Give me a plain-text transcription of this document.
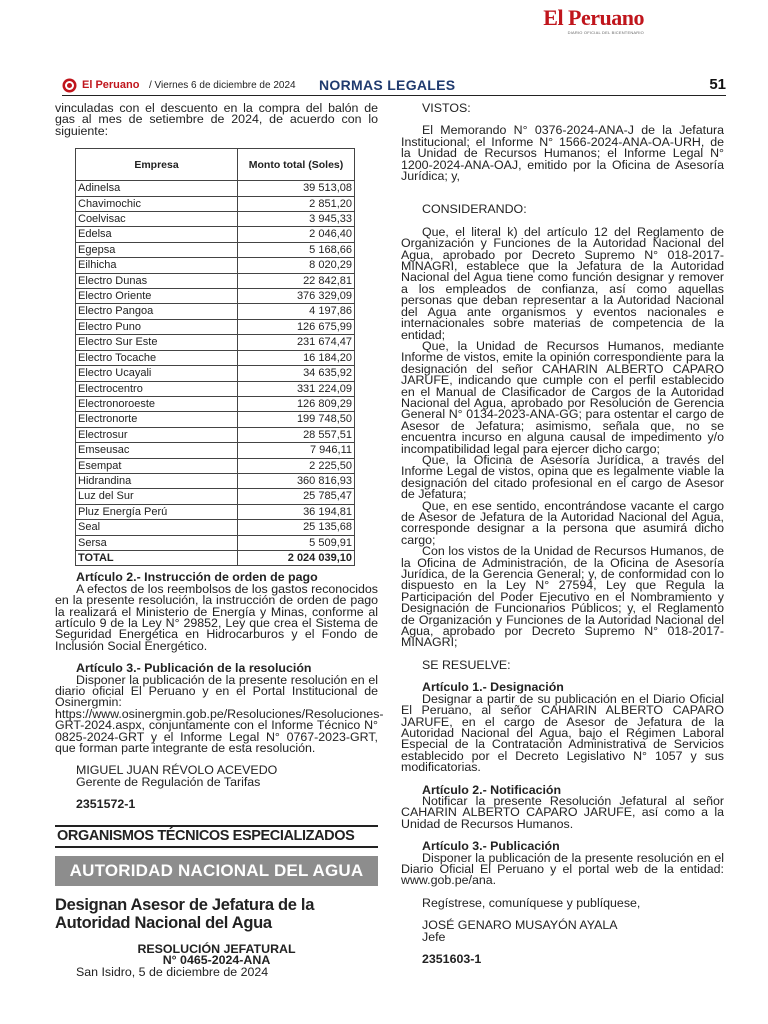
El Peruano
DIARIO OFICIAL DEL BICENTENARIO
El Peruano / Viernes 6 de diciembre de 2024 NORMAS LEGALES	51

vinculadas con el descuento en la compra del balón de gas al mes de setiembre de 2024, de acuerdo con lo siguiente:

Empresa	Monto total (Soles)
Adinelsa	39 513,08
Chavimochic	2 851,20
Coelvisac	3 945,33
Edelsa	2 046,40
Egepsa	5 168,66
Eilhicha	8 020,29
Electro Dunas	22 842,81
Electro Oriente	376 329,09
Electro Pangoa	4 197,86
Electro Puno	126 675,99
Electro Sur Este	231 674,47
Electro Tocache	16 184,20
Electro Ucayali	34 635,92
Electrocentro	331 224,09
Electronoroeste	126 809,29
Electronorte	199 748,50
Electrosur	28 557,51
Emseusac	7 946,11
Esempat	2 225,50
Hidrandina	360 816,93
Luz del Sur	25 785,47
Pluz Energía Perú	36 194,81
Seal	25 135,68
Sersa	5 509,91
TOTAL	2 024 039,10

Artículo 2.- Instrucción de orden de pago

A efectos de los reembolsos de los gastos reconocidos en la presente resolución, la instrucción de orden de pago la realizará el Ministerio de Energía y Minas, conforme al artículo 9 de la Ley N° 29852, Ley que crea el Sistema de Seguridad Energética en Hidrocarburos y el Fondo de Inclusión Social Energético.

Artículo 3.- Publicación de la resolución

Disponer la publicación de la presente resolución en el diario oficial El Peruano y en el Portal Institucional de Osinergmin: https://www.osinergmin.gob.pe/Resoluciones/Resoluciones-GRT-2024.aspx, conjuntamente con el Informe Técnico N° 0825-2024-GRT y el Informe Legal N° 0767-2023-GRT, que forman parte integrante de esta resolución.

MIGUEL JUAN RÉVOLO ACEVEDO

Gerente de Regulación de Tarifas

2351572-1

ORGANISMOS TÉCNICOS ESPECIALIZADOS
AUTORIDAD NACIONAL DEL AGUA
Designan Asesor de Jefatura de la Autoridad Nacional del Agua
RESOLUCIÓN JEFATURAL
N° 0465-2024-ANA

San Isidro, 5 de diciembre de 2024

VISTOS:

El Memorando N° 0376-2024-ANA-J de la Jefatura Institucional; el Informe N° 1566-2024-ANA-OA-URH, de la Unidad de Recursos Humanos; el Informe Legal N° 1200-2024-ANA-OAJ, emitido por la Oficina de Asesoría Jurídica; y,

CONSIDERANDO:

Que, el literal k) del artículo 12 del Reglamento de Organización y Funciones de la Autoridad Nacional del Agua, aprobado por Decreto Supremo N° 018-2017-MINAGRI, establece que la Jefatura de la Autoridad Nacional del Agua tiene como función designar y remover a los empleados de confianza, así como aquellas personas que deban representar a la Autoridad Nacional del Agua ante organismos y eventos nacionales e internacionales sobre materias de competencia de la entidad;

Que, la Unidad de Recursos Humanos, mediante Informe de vistos, emite la opinión correspondiente para la designación del señor CAHARIN ALBERTO CAPARO JARUFE, indicando que cumple con el perfil establecido en el Manual de Clasificador de Cargos de la Autoridad Nacional del Agua, aprobado por Resolución de Gerencia General N° 0134-2023-ANA-GG; para ostentar el cargo de Asesor de Jefatura; asimismo, señala que, no se encuentra incurso en alguna causal de impedimento y/o incompatibilidad legal para ejercer dicho cargo;

Que, la Oficina de Asesoría Jurídica, a través del Informe Legal de vistos, opina que es legalmente viable la designación del citado profesional en el cargo de Asesor de Jefatura;

Que, en ese sentido, encontrándose vacante el cargo de Asesor de Jefatura de la Autoridad Nacional del Agua, corresponde designar a la persona que asumirá dicho cargo;

Con los vistos de la Unidad de Recursos Humanos, de la Oficina de Administración, de la Oficina de Asesoría Jurídica, de la Gerencia General; y, de conformidad con lo dispuesto en la Ley N° 27594, Ley que Regula la Participación del Poder Ejecutivo en el Nombramiento y Designación de Funcionarios Públicos; y, el Reglamento de Organización y Funciones de la Autoridad Nacional del Agua, aprobado por Decreto Supremo N° 018-2017-MINAGRI;

SE RESUELVE:

Artículo 1.- Designación

Designar a partir de su publicación en el Diario Oficial El Peruano, al señor CAHARIN ALBERTO CAPARO JARUFE, en el cargo de Asesor de Jefatura de la Autoridad Nacional del Agua, bajo el Régimen Laboral Especial de la Contratación Administrativa de Servicios establecido por el Decreto Legislativo N° 1057 y sus modificatorias.

Artículo 2.- Notificación

Notificar la presente Resolución Jefatural al señor CAHARIN ALBERTO CAPARO JARUFE, así como a la Unidad de Recursos Humanos.

Artículo 3.- Publicación

Disponer la publicación de la presente resolución en el Diario Oficial El Peruano y el portal web de la entidad: www.gob.pe/ana.

Regístrese, comuníquese y publíquese,

JOSÉ GENARO MUSAYÓN AYALA

Jefe

2351603-1
